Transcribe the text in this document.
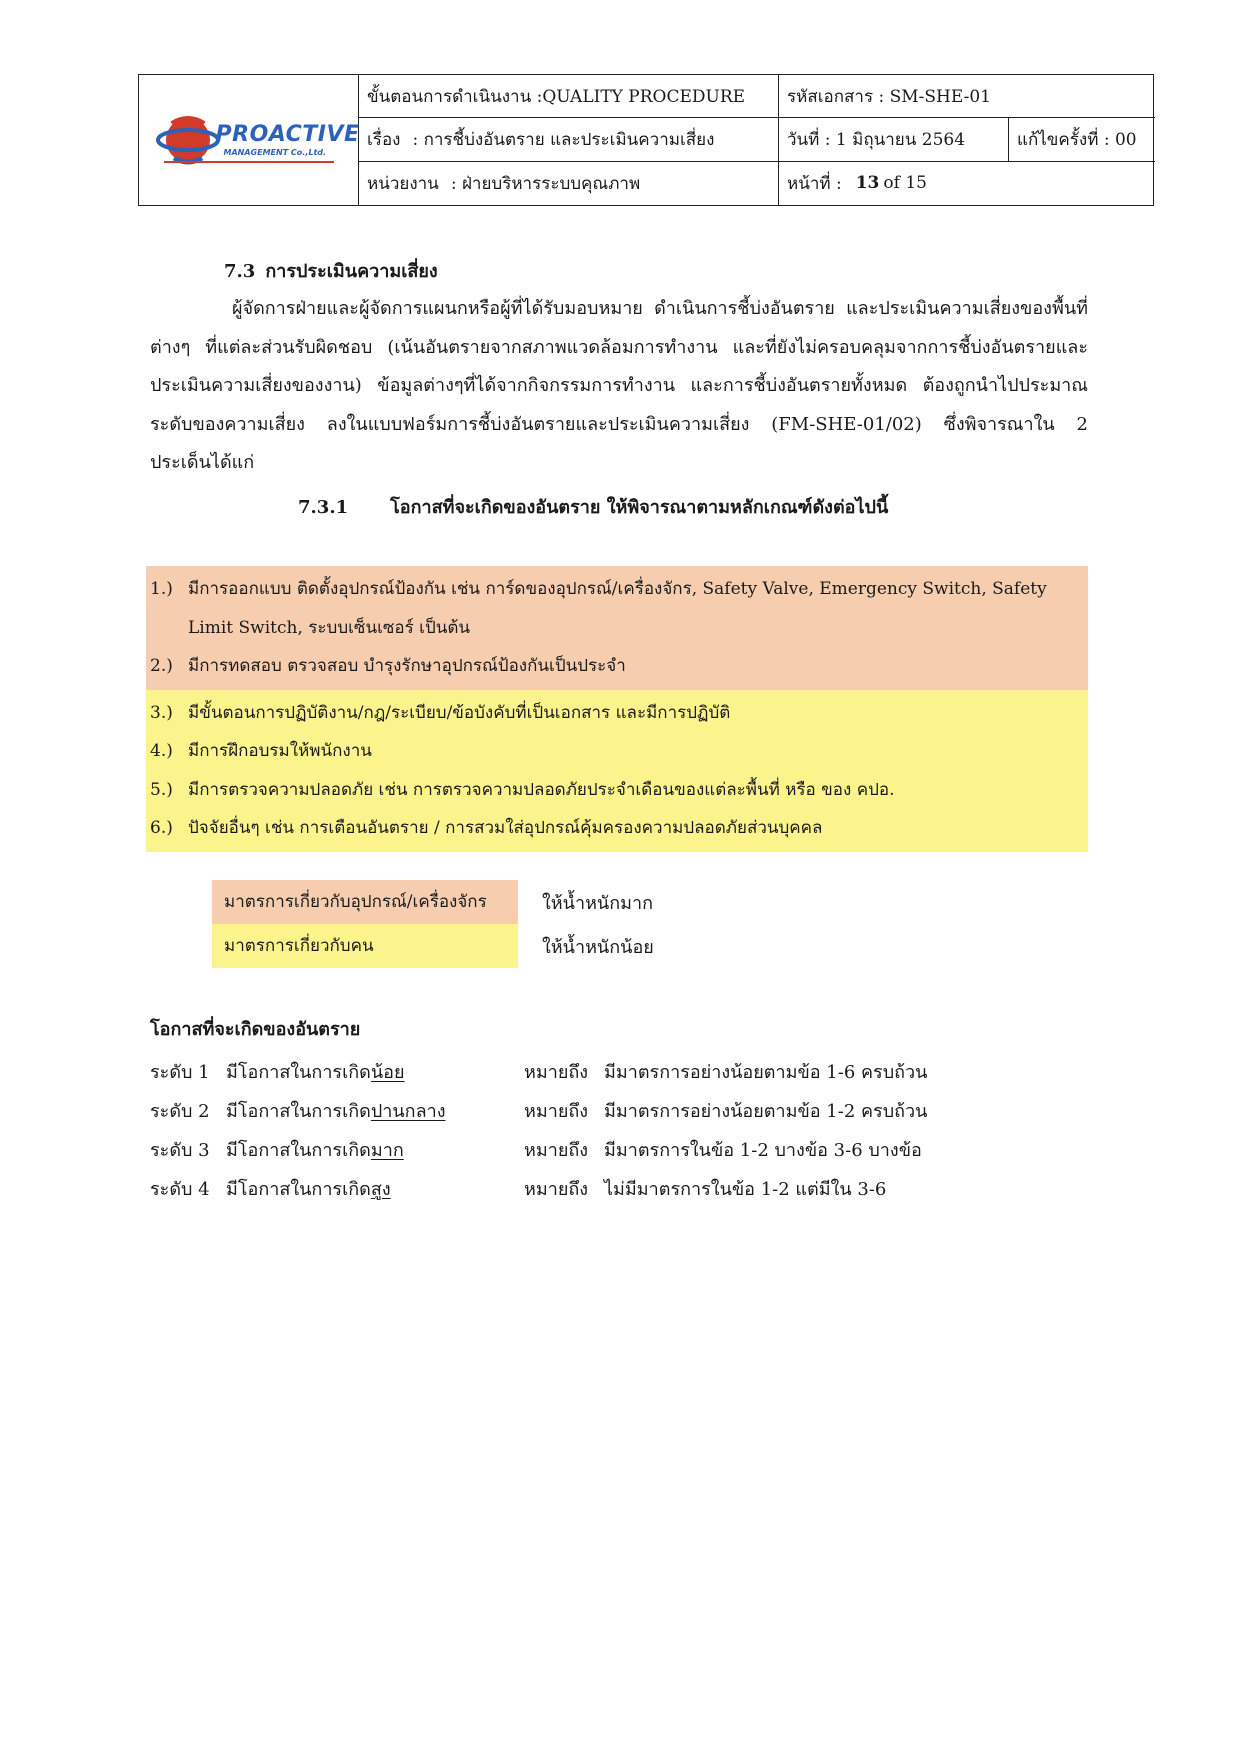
PROACTIVE
MANAGEMENT Co.,Ltd.
ขั้นตอนการดำเนินงาน :QUALITY PROCEDURE รหัสเอกสาร : SM-SHE-01
เรื่อง : การชี้บ่งอันตราย และประเมินความเสี่ยง	วันที่ : 1 มิถุนายน 2564	แก้ไขครั้งที่ : 00
หน่วยงาน : ฝ่ายบริหารระบบคุณภาพ	หน้าที่ : 13 of 15
7.3 การประเมินความเสี่ยง
ผู้จัดการฝ่ายและผู้จัดการแผนกหรือผู้ที่ได้รับมอบหมาย ดำเนินการชี้บ่งอันตราย และประเมินความเสี่ยงของพื้นที่ต่างๆ ที่แต่ละส่วนรับผิดชอบ (เน้นอันตรายจากสภาพแวดล้อมการทำงาน และที่ยังไม่ครอบคลุมจากการชี้บ่งอันตรายและประเมินความเสี่ยงของงาน) ข้อมูลต่างๆที่ได้จากกิจกรรมการทำงาน และการชี้บ่งอันตรายทั้งหมด ต้องถูกนำไปประมาณระดับของความเสี่ยง ลงในแบบฟอร์มการชี้บ่งอันตรายและประเมินความเสี่ยง (FM-SHE-01/02) ซึ่งพิจารณาใน 2 ประเด็นได้แก่
7.3.1 โอกาสที่จะเกิดของอันตราย ให้พิจารณาตามหลักเกณฑ์ดังต่อไปนี้
1.) มีการออกแบบ ติดตั้งอุปกรณ์ป้องกัน เช่น การ์ดของอุปกรณ์/เครื่องจักร, Safety Valve, Emergency Switch, Safety Limit Switch, ระบบเซ็นเซอร์ เป็นต้น
2.) มีการทดสอบ ตรวจสอบ บำรุงรักษาอุปกรณ์ป้องกันเป็นประจำ
3.) มีขั้นตอนการปฏิบัติงาน/กฎ/ระเบียบ/ข้อบังคับที่เป็นเอกสาร และมีการปฏิบัติ
4.) มีการฝึกอบรมให้พนักงาน
5.) มีการตรวจความปลอดภัย เช่น การตรวจความปลอดภัยประจำเดือนของแต่ละพื้นที่ หรือ ของ คปอ.
6.) ปัจจัยอื่นๆ เช่น การเตือนอันตราย / การสวมใส่อุปกรณ์คุ้มครองความปลอดภัยส่วนบุคคล
มาตรการเกี่ยวกับอุปกรณ์/เครื่องจักร	ให้น้ำหนักมาก
มาตรการเกี่ยวกับคน	ให้น้ำหนักน้อย
โอกาสที่จะเกิดของอันตราย
ระดับ 1 มีโอกาสในการเกิดน้อย	หมายถึง มีมาตรการอย่างน้อยตามข้อ 1-6 ครบถ้วน
ระดับ 2 มีโอกาสในการเกิดปานกลาง	หมายถึง มีมาตรการอย่างน้อยตามข้อ 1-2 ครบถ้วน
ระดับ 3 มีโอกาสในการเกิดมาก	หมายถึง มีมาตรการในข้อ 1-2 บางข้อ 3-6 บางข้อ
ระดับ 4 มีโอกาสในการเกิดสูง	หมายถึง ไม่มีมาตรการในข้อ 1-2 แต่มีใน 3-6
